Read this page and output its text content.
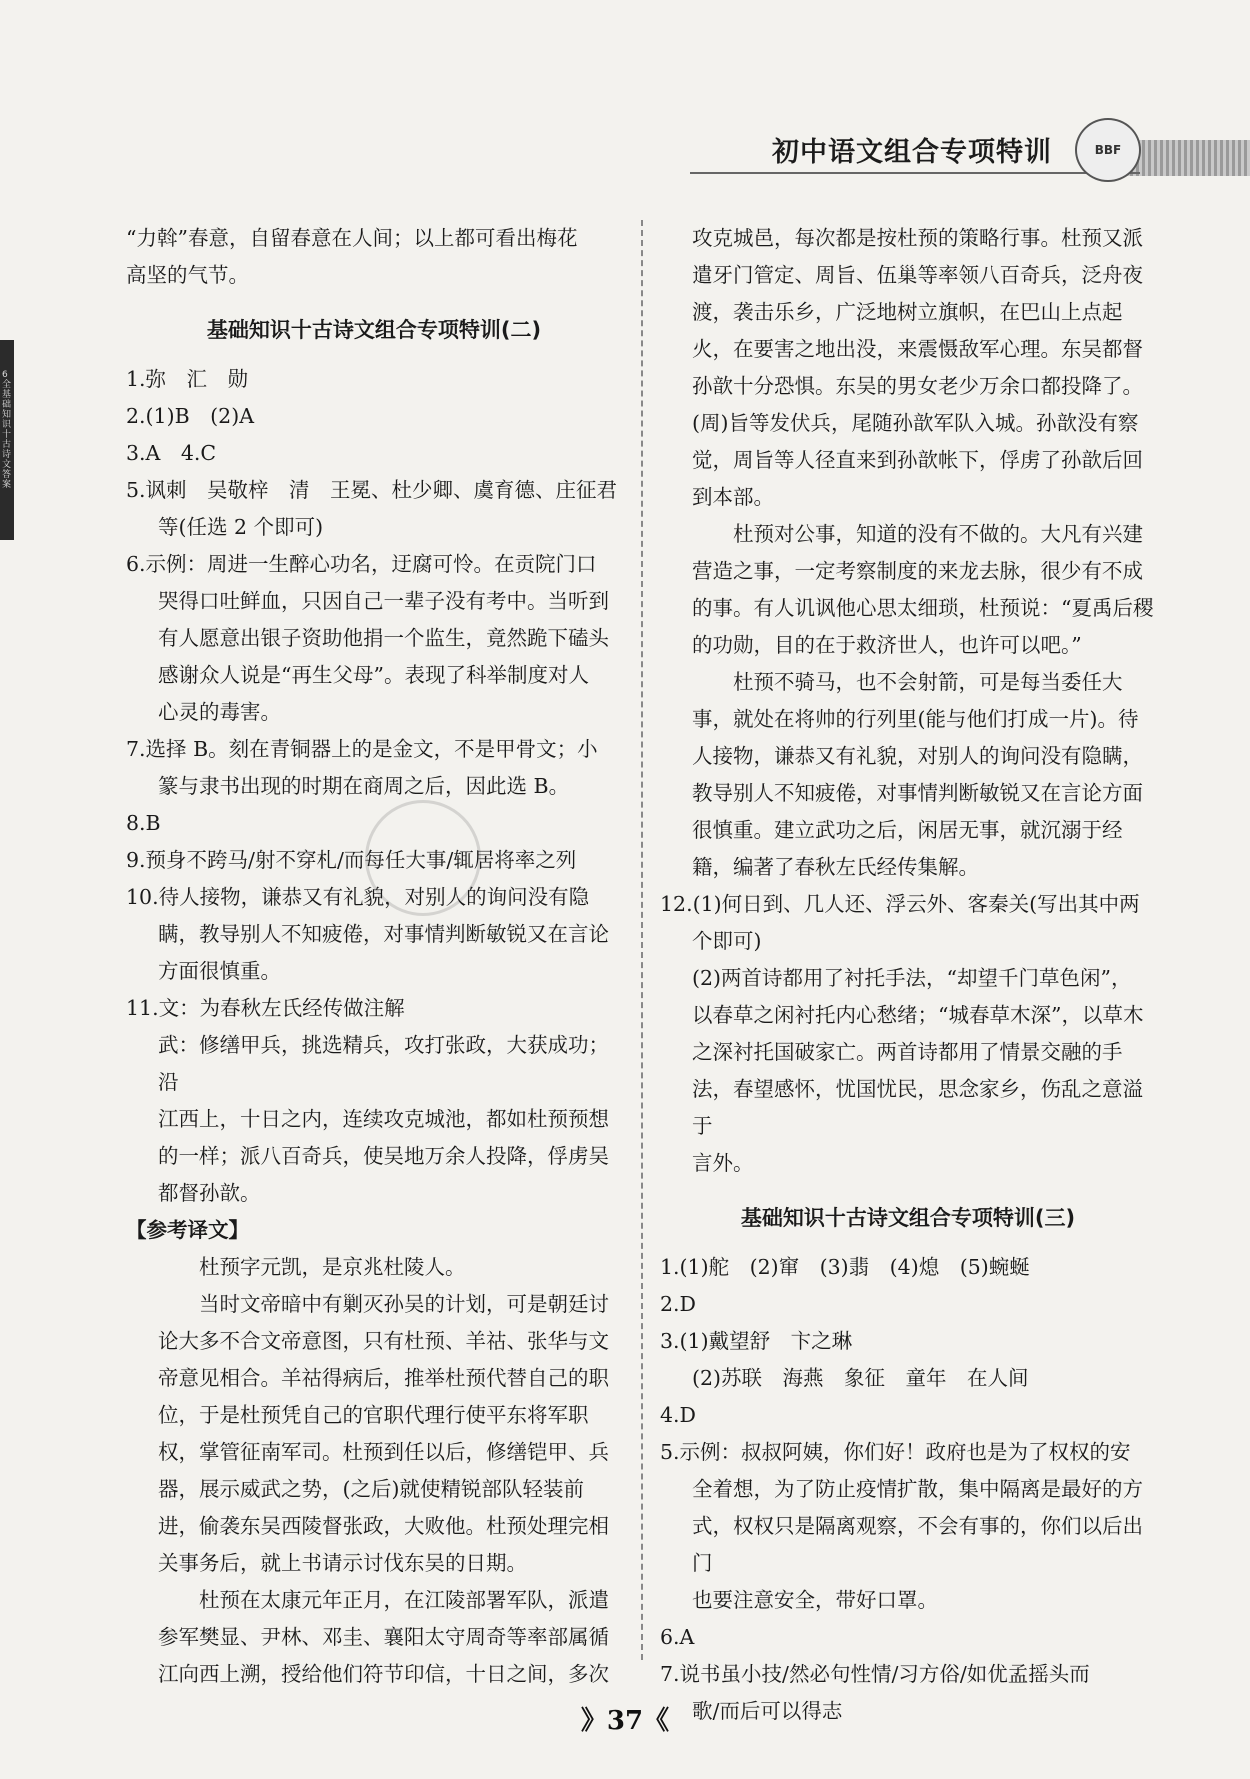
初中语文组合专项特训	BBF
6 全基础知识十古诗文答案

“力斡”春意，自留春意在人间；以上都可看出梅花

高坚的气节。

基础知识十古诗文组合专项特训(二)

1.弥　汇　勋

2.(1)B　(2)A

3.A　4.C

5.讽刺　吴敬梓　清　王冕、杜少卿、虞育德、庄征君

等(任选 2 个即可)

6.示例：周进一生醉心功名，迂腐可怜。在贡院门口

哭得口吐鲜血，只因自己一辈子没有考中。当听到

有人愿意出银子资助他捐一个监生，竟然跪下磕头

感谢众人说是“再生父母”。表现了科举制度对人

心灵的毒害。

7.选择 B。刻在青铜器上的是金文，不是甲骨文；小

篆与隶书出现的时期在商周之后，因此选 B。

8.B

9.预身不跨马/射不穿札/而每任大事/辄居将率之列

10.待人接物，谦恭又有礼貌，对别人的询问没有隐

瞒，教导别人不知疲倦，对事情判断敏锐又在言论

方面很慎重。

11.文：为春秋左氏经传做注解

武：修缮甲兵，挑选精兵，攻打张政，大获成功；沿

江西上，十日之内，连续攻克城池，都如杜预预想

的一样；派八百奇兵，使吴地万余人投降，俘虏吴

都督孙歆。

【参考译文】

杜预字元凯，是京兆杜陵人。

当时文帝暗中有剿灭孙吴的计划，可是朝廷讨论大多不合文帝意图，只有杜预、羊祜、张华与文帝意见相合。羊祜得病后，推举杜预代替自己的职位，于是杜预凭自己的官职代理行使平东将军职权，掌管征南军司。杜预到任以后，修缮铠甲、兵器，展示威武之势，(之后)就使精锐部队轻装前进，偷袭东吴西陵督张政，大败他。杜预处理完相关事务后，就上书请示讨伐东吴的日期。

杜预在太康元年正月，在江陵部署军队，派遣参军樊显、尹林、邓圭、襄阳太守周奇等率部属循江向西上溯，授给他们符节印信，十日之间，多次

攻克城邑，每次都是按杜预的策略行事。杜预又派遣牙门管定、周旨、伍巢等率领八百奇兵，泛舟夜渡，袭击乐乡，广泛地树立旗帜，在巴山上点起火，在要害之地出没，来震慑敌军心理。东吴都督孙歆十分恐惧。东吴的男女老少万余口都投降了。(周)旨等发伏兵，尾随孙歆军队入城。孙歆没有察觉，周旨等人径直来到孙歆帐下，俘虏了孙歆后回到本部。

杜预对公事，知道的没有不做的。大凡有兴建营造之事，一定考察制度的来龙去脉，很少有不成的事。有人讥讽他心思太细琐，杜预说：“夏禹后稷的功勋，目的在于救济世人，也许可以吧。”

杜预不骑马，也不会射箭，可是每当委任大事，就处在将帅的行列里(能与他们打成一片)。待人接物，谦恭又有礼貌，对别人的询问没有隐瞒，教导别人不知疲倦，对事情判断敏锐又在言论方面很慎重。建立武功之后，闲居无事，就沉溺于经籍，编著了春秋左氏经传集解。

12.(1)何日到、几人还、浮云外、客秦关(写出其中两

个即可)

(2)两首诗都用了衬托手法，“却望千门草色闲”，

以春草之闲衬托内心愁绪；“城春草木深”，以草木

之深衬托国破家亡。两首诗都用了情景交融的手

法，春望感怀，忧国忧民，思念家乡，伤乱之意溢于

言外。

基础知识十古诗文组合专项特训(三)

1.(1)舵　(2)窜　(3)翡　(4)熄　(5)蜿蜒

2.D

3.(1)戴望舒　卞之琳

(2)苏联　海燕　象征　童年　在人间

4.D

5.示例：叔叔阿姨，你们好！政府也是为了权权的安

全着想，为了防止疫情扩散，集中隔离是最好的方

式，权权只是隔离观察，不会有事的，你们以后出门

也要注意安全，带好口罩。

6.A

7.说书虽小技/然必句性情/习方俗/如优孟摇头而

歌/而后可以得志

》37《
